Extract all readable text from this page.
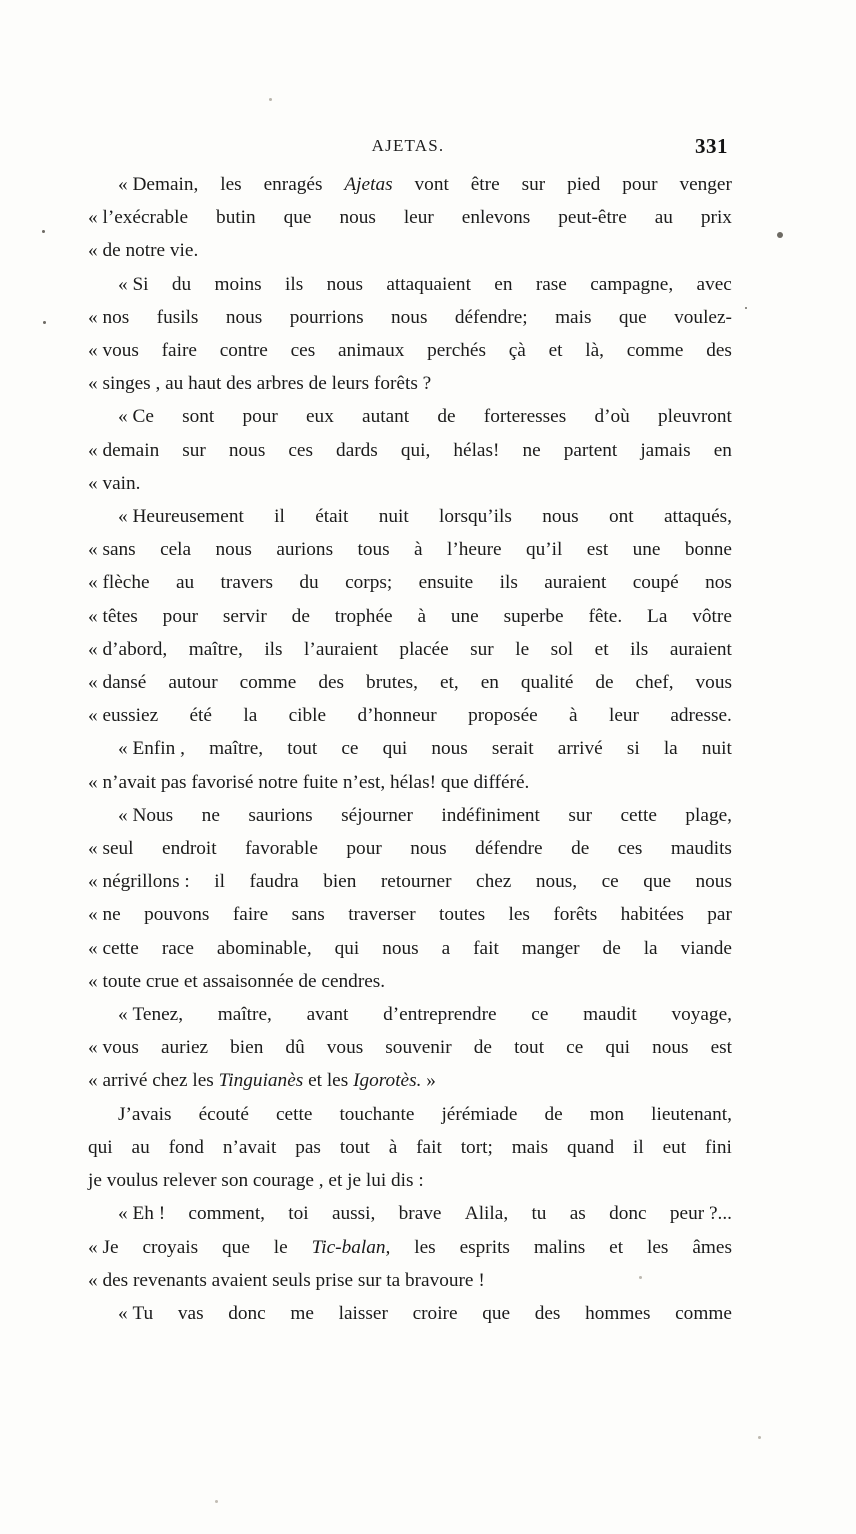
AJETAS.	331

« Demain, les enragés Ajetas vont être sur pied pour venger
« l’exécrable butin que nous leur enlevons peut-être au prix
« de notre vie.

« Si du moins ils nous attaquaient en rase campagne, avec
« nos fusils nous pourrions nous défendre; mais que voulez-
« vous faire contre ces animaux perchés çà et là, comme des
« singes , au haut des arbres de leurs forêts ?

« Ce sont pour eux autant de forteresses d’où pleuvront
« demain sur nous ces dards qui, hélas! ne partent jamais en
« vain.

« Heureusement il était nuit lorsqu’ils nous ont attaqués,
« sans cela nous aurions tous à l’heure qu’il est une bonne
« flèche au travers du corps; ensuite ils auraient coupé nos
« têtes pour servir de trophée à une superbe fête. La vôtre
« d’abord, maître, ils l’auraient placée sur le sol et ils auraient
« dansé autour comme des brutes, et, en qualité de chef, vous
« eussiez été la cible d’honneur proposée à leur adresse.

« Enfin , maître, tout ce qui nous serait arrivé si la nuit
« n’avait pas favorisé notre fuite n’est, hélas! que différé.

« Nous ne saurions séjourner indéfiniment sur cette plage,
« seul endroit favorable pour nous défendre de ces maudits
« négrillons : il faudra bien retourner chez nous, ce que nous
« ne pouvons faire sans traverser toutes les forêts habitées par
« cette race abominable, qui nous a fait manger de la viande
« toute crue et assaisonnée de cendres.

« Tenez, maître, avant d’entreprendre ce maudit voyage,
« vous auriez bien dû vous souvenir de tout ce qui nous est
« arrivé chez les Tinguianès et les Igorotès. »

J’avais écouté cette touchante jérémiade de mon lieutenant,
qui au fond n’avait pas tout à fait tort; mais quand il eut fini
je voulus relever son courage , et je lui dis :

« Eh ! comment, toi aussi, brave Alila, tu as donc peur ?...
« Je croyais que le Tic-balan, les esprits malins et les âmes
« des revenants avaient seuls prise sur ta bravoure !

« Tu vas donc me laisser croire que des hommes comme
